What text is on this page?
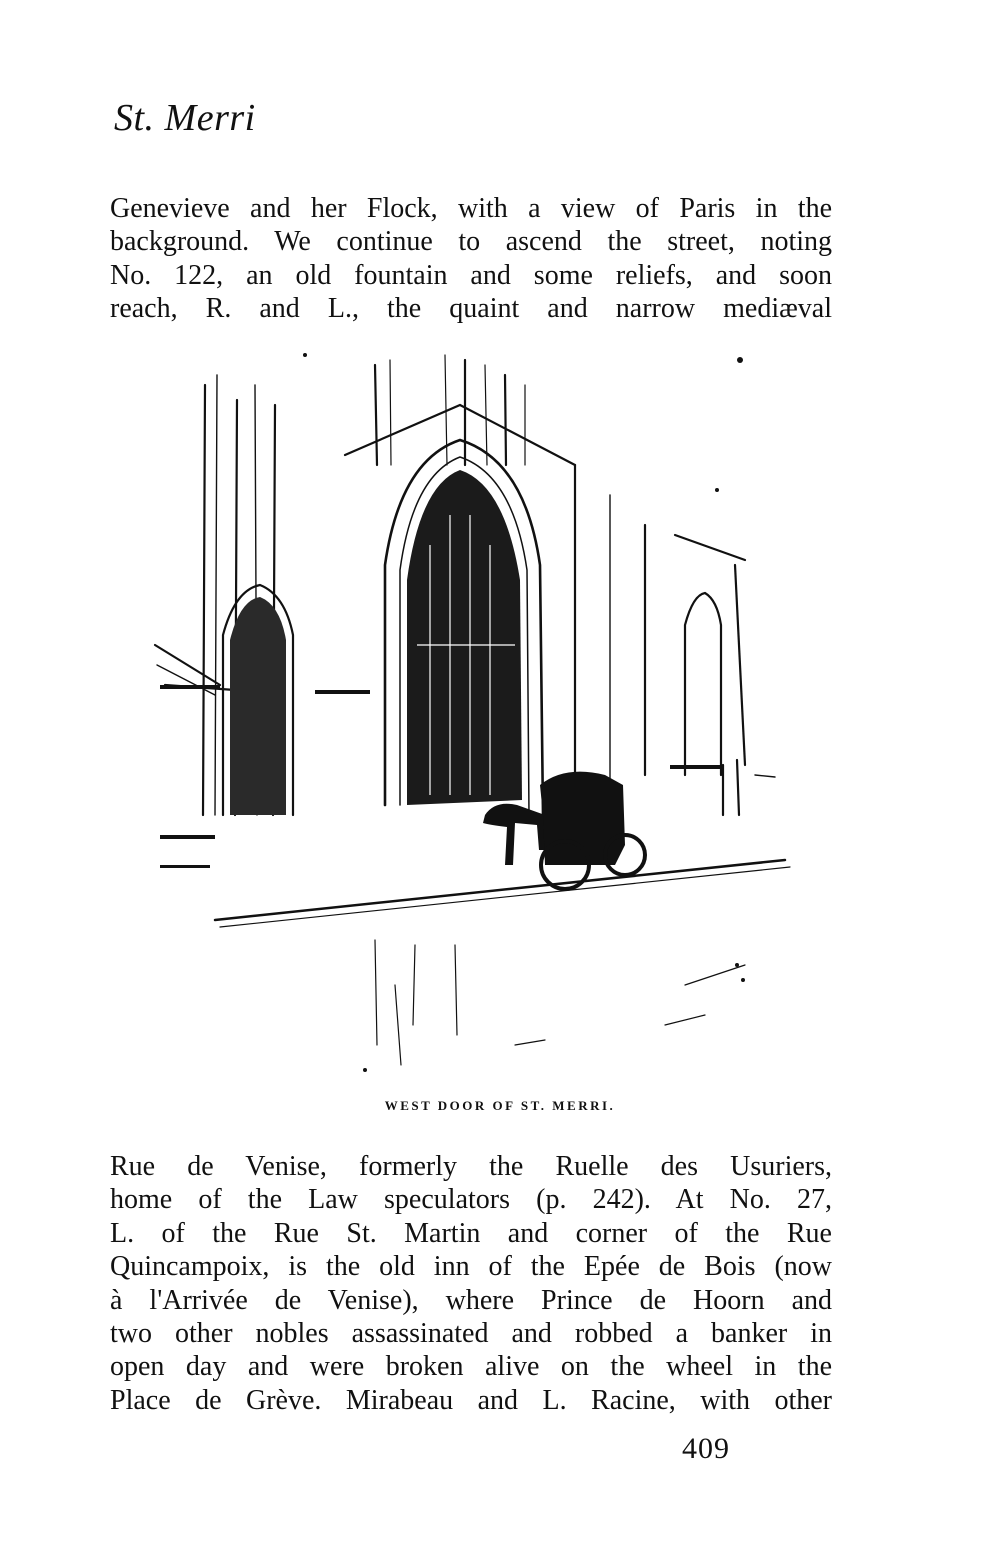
St. Merri
Genevieve and her Flock, with a view of Paris in the
background. We continue to ascend the street, noting
No. 122, an old fountain and some reliefs, and soon
reach, R. and L., the quaint and narrow mediæval
WEST DOOR OF ST. MERRI.
Rue de Venise, formerly the Ruelle des Usuriers,
home of the Law speculators (p. 242). At No. 27,
L. of the Rue St. Martin and corner of the Rue
Quincampoix, is the old inn of the Epée de Bois (now
à l'Arrivée de Venise), where Prince de Hoorn and
two other nobles assassinated and robbed a banker in
open day and were broken alive on the wheel in the
Place de Grève. Mirabeau and L. Racine, with other
409
